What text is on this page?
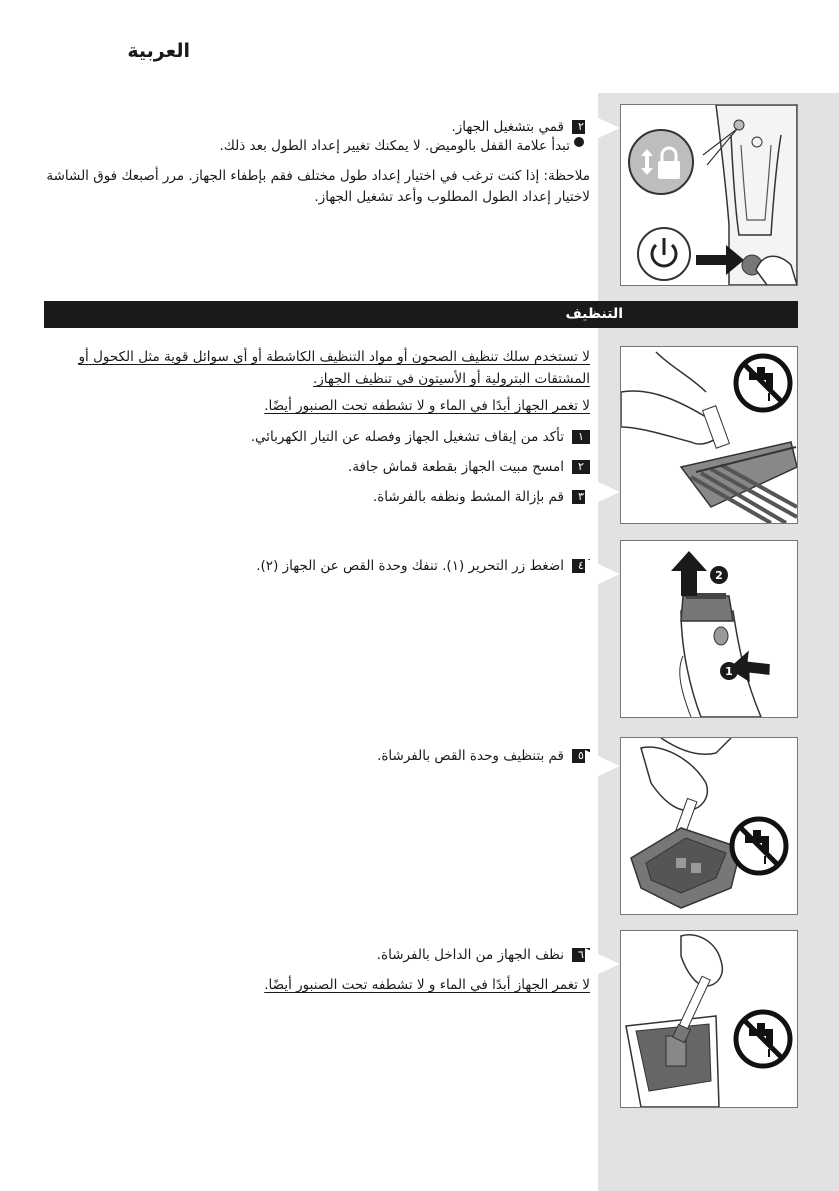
العربية
٢قمي بتشغيل الجهاز.
تبدأ علامة القفل بالوميض. لا يمكنك تغيير إعداد الطول بعد ذلك.
ملاحظة: إذا كنت ترغب في اختيار إعداد طول مختلف فقم بإطفاء الجهاز. مرر أصبعك فوق الشاشة لاختيار إعداد الطول المطلوب وأعد تشغيل الجهاز.
التنظيف
لا تستخدم سلك تنظيف الصحون أو مواد التنظيف الكاشطة أو أي سوائل قوية مثل الكحول أو المشتقات البترولية أو الأسيتون في تنظيف الجهاز.
لا تغمر الجهاز أبدًا في الماء و لا تشطفه تحت الصنبور أيضًا.
١تأكد من إيقاف تشغيل الجهاز وفصله عن التيار الكهربائي.
٢امسح مبيت الجهاز بقطعة قماش جافة.
٣قم بإزالة المشط ونظفه بالفرشاة.
٤اضغط زر التحرير (١). تنفك وحدة القص عن الجهاز (٢).
2
1
٥قم بتنظيف وحدة القص بالفرشاة.
٦نظف الجهاز من الداخل بالفرشاة.
لا تغمر الجهاز أبدًا في الماء و لا تشطفه تحت الصنبور أيضًا.
